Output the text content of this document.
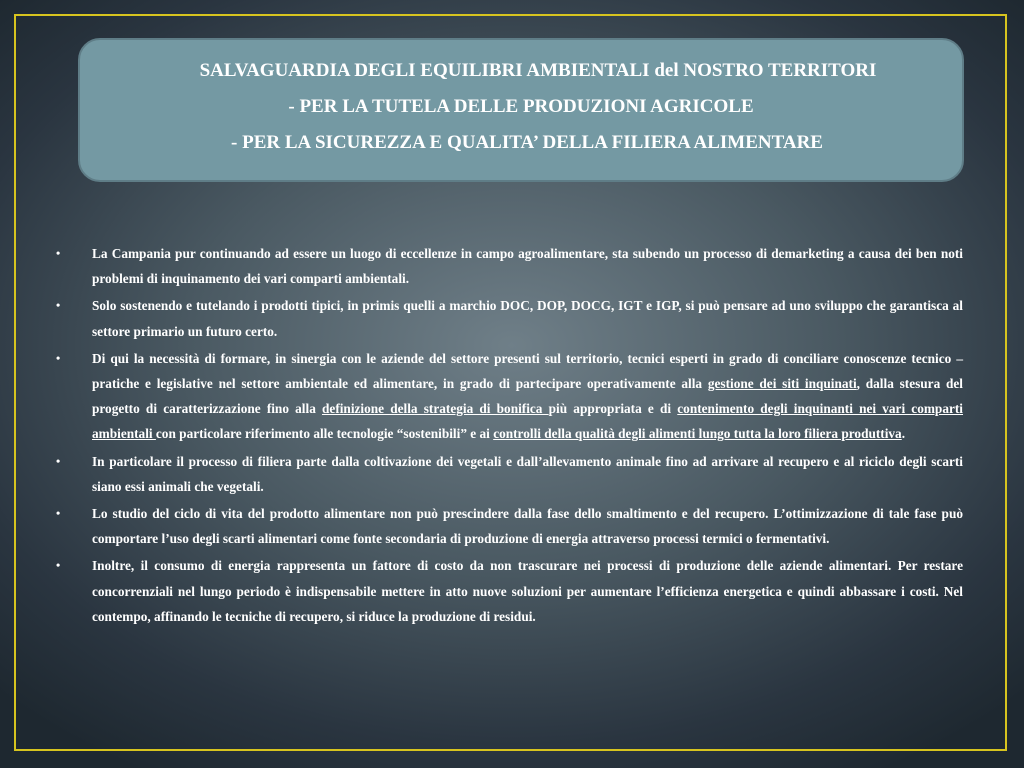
SALVAGUARDIA DEGLI EQUILIBRI AMBIENTALI del NOSTRO TERRITORI
- PER LA TUTELA DELLE PRODUZIONI AGRICOLE
- PER LA SICUREZZA E QUALITA’ DELLA FILIERA ALIMENTARE
• La Campania pur continuando ad essere un luogo di eccellenze in campo agroalimentare, sta subendo un processo di demarketing a causa dei ben noti problemi di inquinamento dei vari comparti ambientali.
• Solo sostenendo e tutelando i prodotti tipici, in primis quelli a marchio DOC, DOP, DOCG, IGT e IGP, si può pensare ad uno sviluppo che garantisca al settore primario un futuro certo.
• Di qui la necessità di formare, in sinergia con le aziende del settore presenti sul territorio, tecnici esperti in grado di conciliare conoscenze tecnico – pratiche e legislative nel settore ambientale ed alimentare, in grado di partecipare operativamente alla gestione dei siti inquinati, dalla stesura del progetto di caratterizzazione fino alla definizione della strategia di bonifica più appropriata e di contenimento degli inquinanti nei vari comparti ambientali con particolare riferimento alle tecnologie “sostenibili” e ai controlli della qualità degli alimenti lungo tutta la loro filiera produttiva.
• In particolare il processo di filiera parte dalla coltivazione dei vegetali e dall’allevamento animale fino ad arrivare al recupero e al riciclo degli scarti siano essi animali che vegetali.
• Lo studio del ciclo di vita del prodotto alimentare non può prescindere dalla fase dello smaltimento e del recupero. L’ottimizzazione di tale fase può comportare l’uso degli scarti alimentari come fonte secondaria di produzione di energia attraverso processi termici o fermentativi.
• Inoltre, il consumo di energia rappresenta un fattore di costo da non trascurare nei processi di produzione delle aziende alimentari. Per restare concorrenziali nel lungo periodo è indispensabile mettere in atto nuove soluzioni per aumentare l’efficienza energetica e quindi abbassare i costi. Nel contempo, affinando le tecniche di recupero, si riduce la produzione di residui.
